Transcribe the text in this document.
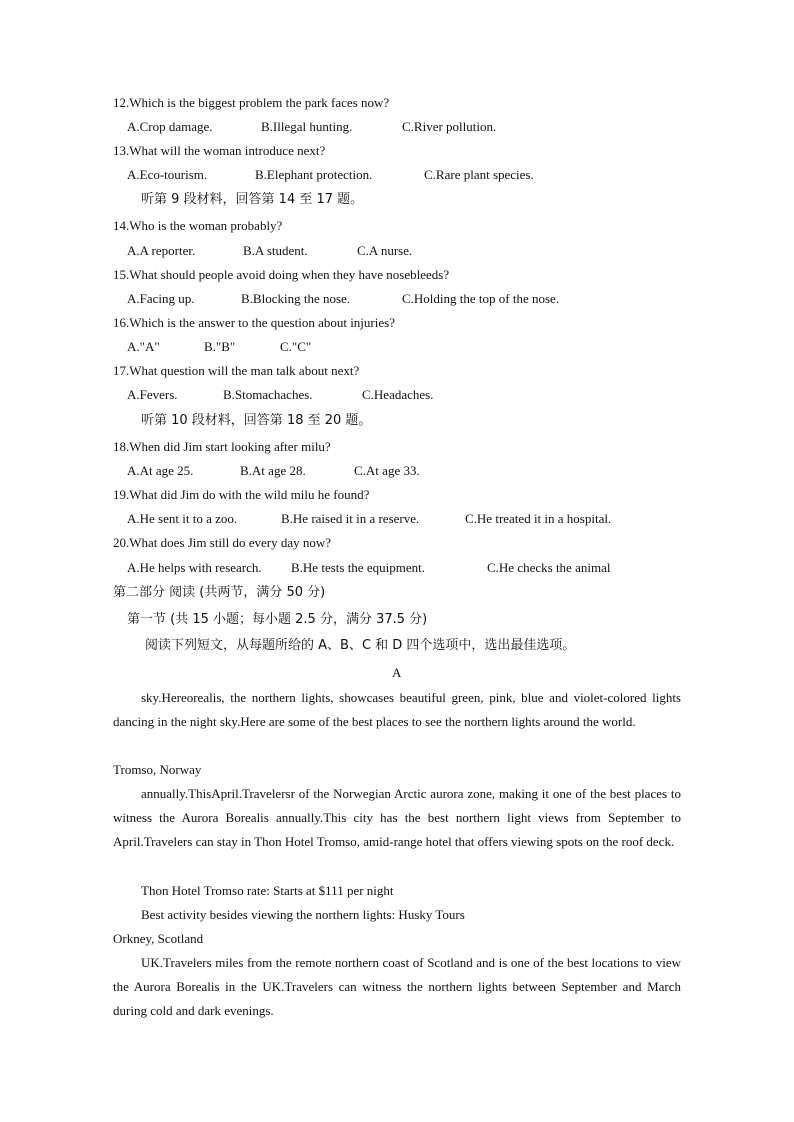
12.Which is the biggest problem the park faces now?
A.Crop damage.	B.Illegal hunting.	C.River pollution.
13.What will the woman introduce next?
A.Eco-tourism.	B.Elephant protection.	C.Rare plant species.
听第 9 段材料，回答第 14 至 17 题。
14.Who is the woman probably?
A.A reporter.	B.A student.	C.A nurse.
15.What should people avoid doing when they have nosebleeds?
A.Facing up.	B.Blocking the nose.	C.Holding the top of the nose.
16.Which is the answer to the question about injuries?
A."A"	B."B"	C."C"
17.What question will the man talk about next?
A.Fevers.	B.Stomachaches.	C.Headaches.
听第 10 段材料，回答第 18 至 20 题。
18.When did Jim start looking after milu?
A.At age 25.	B.At age 28.	C.At age 33.
19.What did Jim do with the wild milu he found?
A.He sent it to a zoo.	B.He raised it in a reserve.	C.He treated it in a hospital.
20.What does Jim still do every day now?
A.He helps with research. B.He tests the equipment.	C.He checks the animal
第二部分 阅读 (共两节，满分 50 分)
第一节 (共 15 小题；每小题 2.5 分，满分 37.5 分)
阅读下列短文，从每题所给的 A、B、C 和 D 四个选项中，选出最佳选项。
A
sky.Hereorealis, the northern lights, showcases beautiful green, pink, blue and violet-colored lights dancing in the night sky.Here are some of the best places to see the northern lights around the world.
Tromso, Norway
annually.ThisApril.Travelersr of the Norwegian Arctic aurora zone, making it one of the best places to witness the Aurora Borealis annually.This city has the best northern light views from September to April.Travelers can stay in Thon Hotel Tromso, amid-range hotel that offers viewing spots on the roof deck.
Thon Hotel Tromso rate: Starts at $111 per night
Best activity besides viewing the northern lights: Husky Tours
Orkney, Scotland
UK.Travelers miles from the remote northern coast of Scotland and is one of the best locations to view the Aurora Borealis in the UK.Travelers can witness the northern lights between September and March during cold and dark evenings.
